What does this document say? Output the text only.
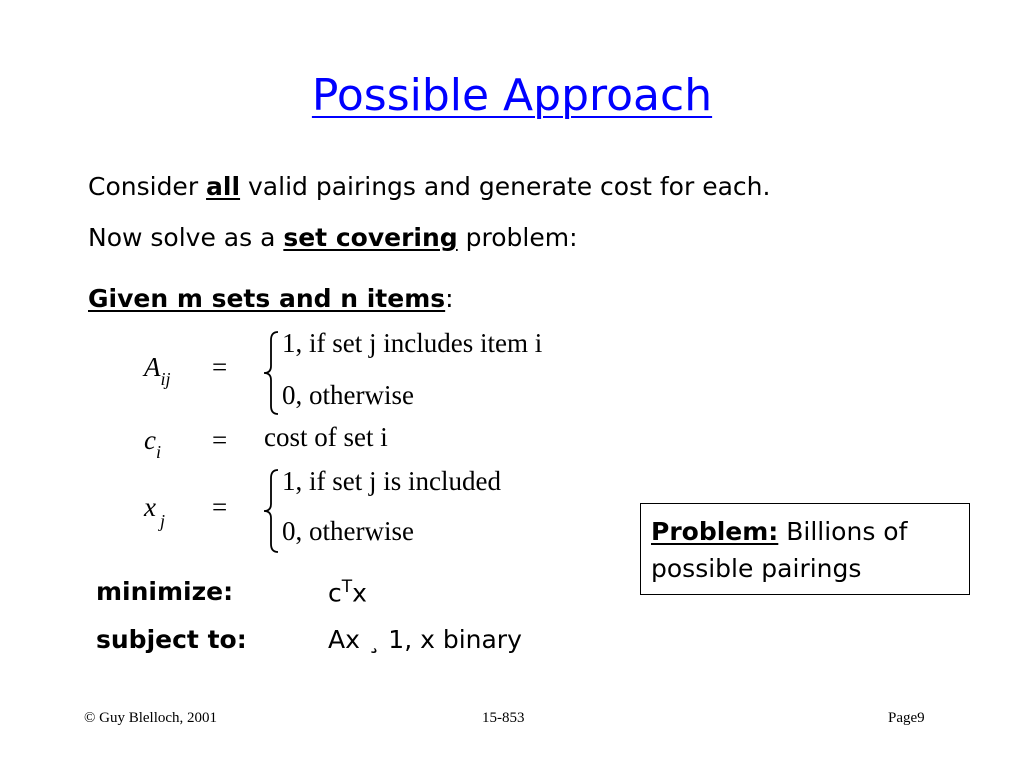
Possible Approach
Consider all valid pairings and generate cost for each.
Now solve as a set covering problem:
Given m sets and n items:
$A_{ij}$ =
1, if set j includes item i
0, otherwise
$c_i = \cos t$ of set i
x $_j$ =
1, if set j is included
0, otherwise
minimize:	$c^Tx$
subject to:	Ax ¸ 1, x binary
Problem: Billions of possible pairings
© Guy Blelloch, 2001	15-853	Page9
